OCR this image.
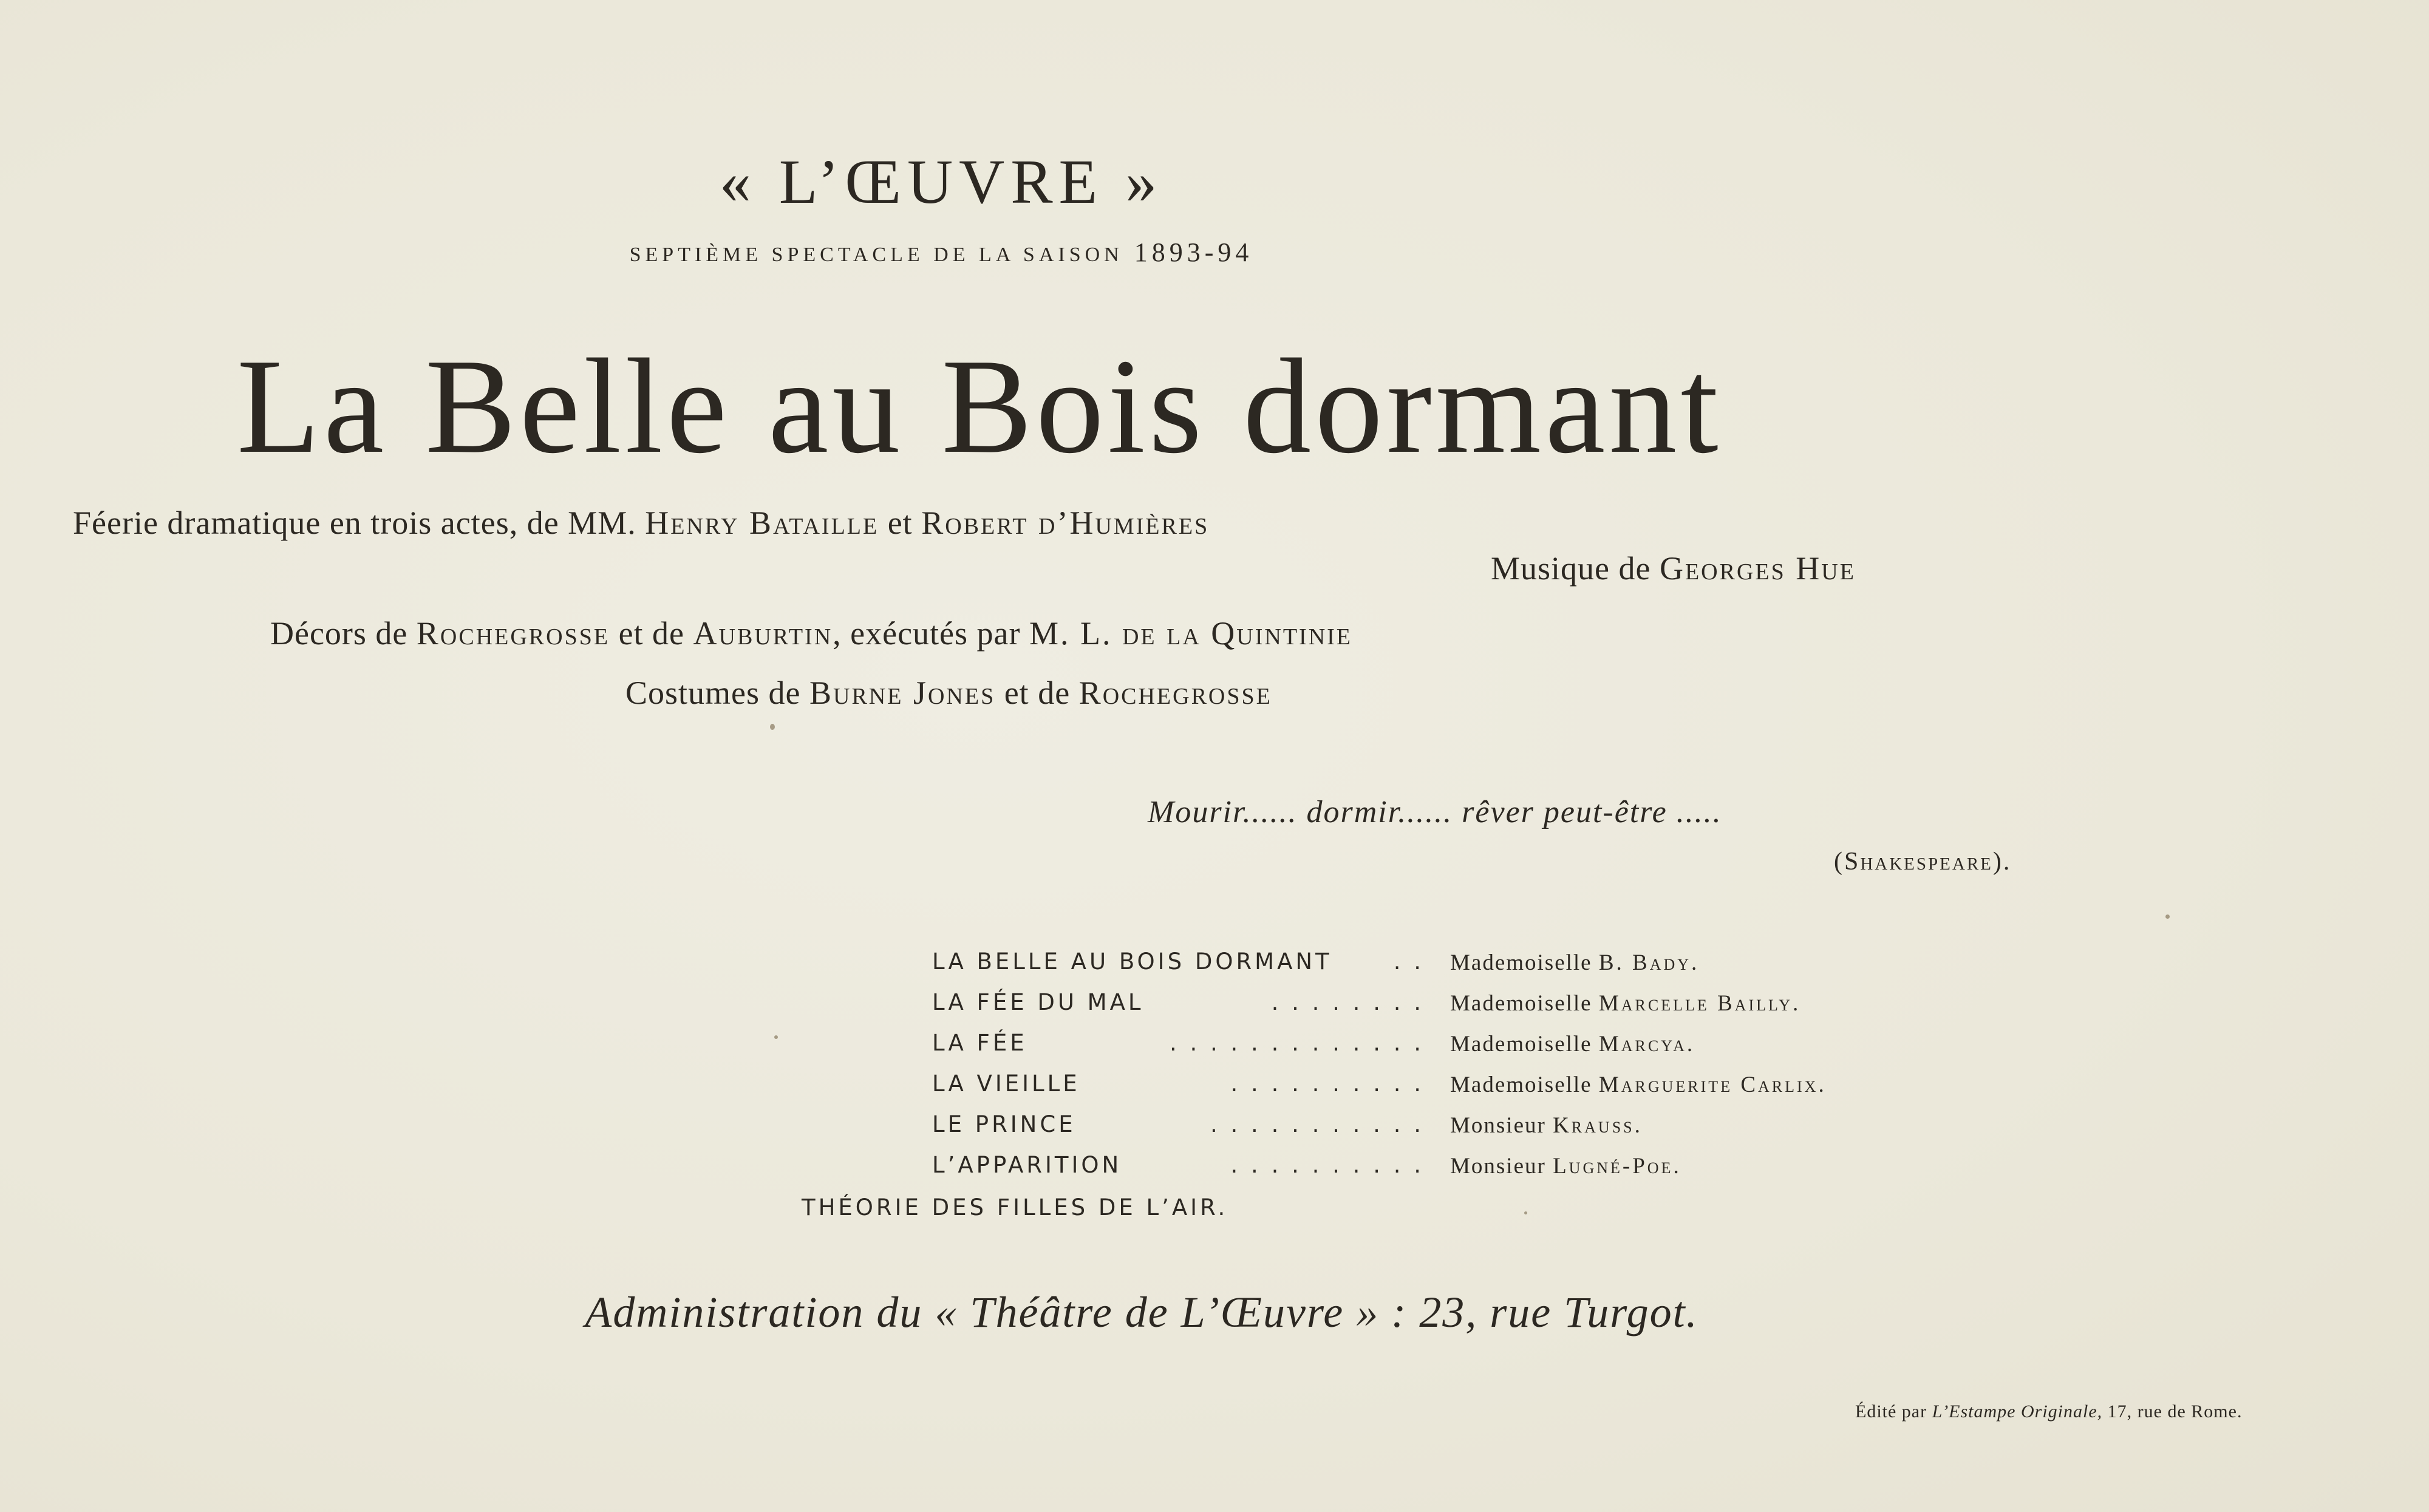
« L’ŒUVRE »
SEPTIÈME SPECTACLE DE LA SAISON 1893-94
La Belle au Bois dormant
Féerie dramatique en trois actes, de MM. Henry Bataille et Robert d’Humières
Musique de Georges Hue
Décors de Rochegrosse et de Auburtin, exécutés par M. L. de la Quintinie
Costumes de Burne Jones et de Rochegrosse
Mourir...... dormir...... rêver peut-être .....
(Shakespeare).
LA BELLE AU BOIS DORMANT	. . Mademoiselle B. Bady.
LA FÉE DU MAL	. . . . . . . . Mademoiselle Marcelle Bailly.
LA FÉE	. . . . . . . . . . . . . Mademoiselle Marcya.
LA VIEILLE	. . . . . . . . . . Mademoiselle Marguerite Carlix.
LE PRINCE	. . . . . . . . . . . Monsieur Krauss.
L’APPARITION	. . . . . . . . . . Monsieur Lugné-Poe.
THÉORIE DES FILLES DE L’AIR.
Administration du « Théâtre de L’Œuvre » : 23, rue Turgot.
Édité par L’Estampe Originale, 17, rue de Rome.
